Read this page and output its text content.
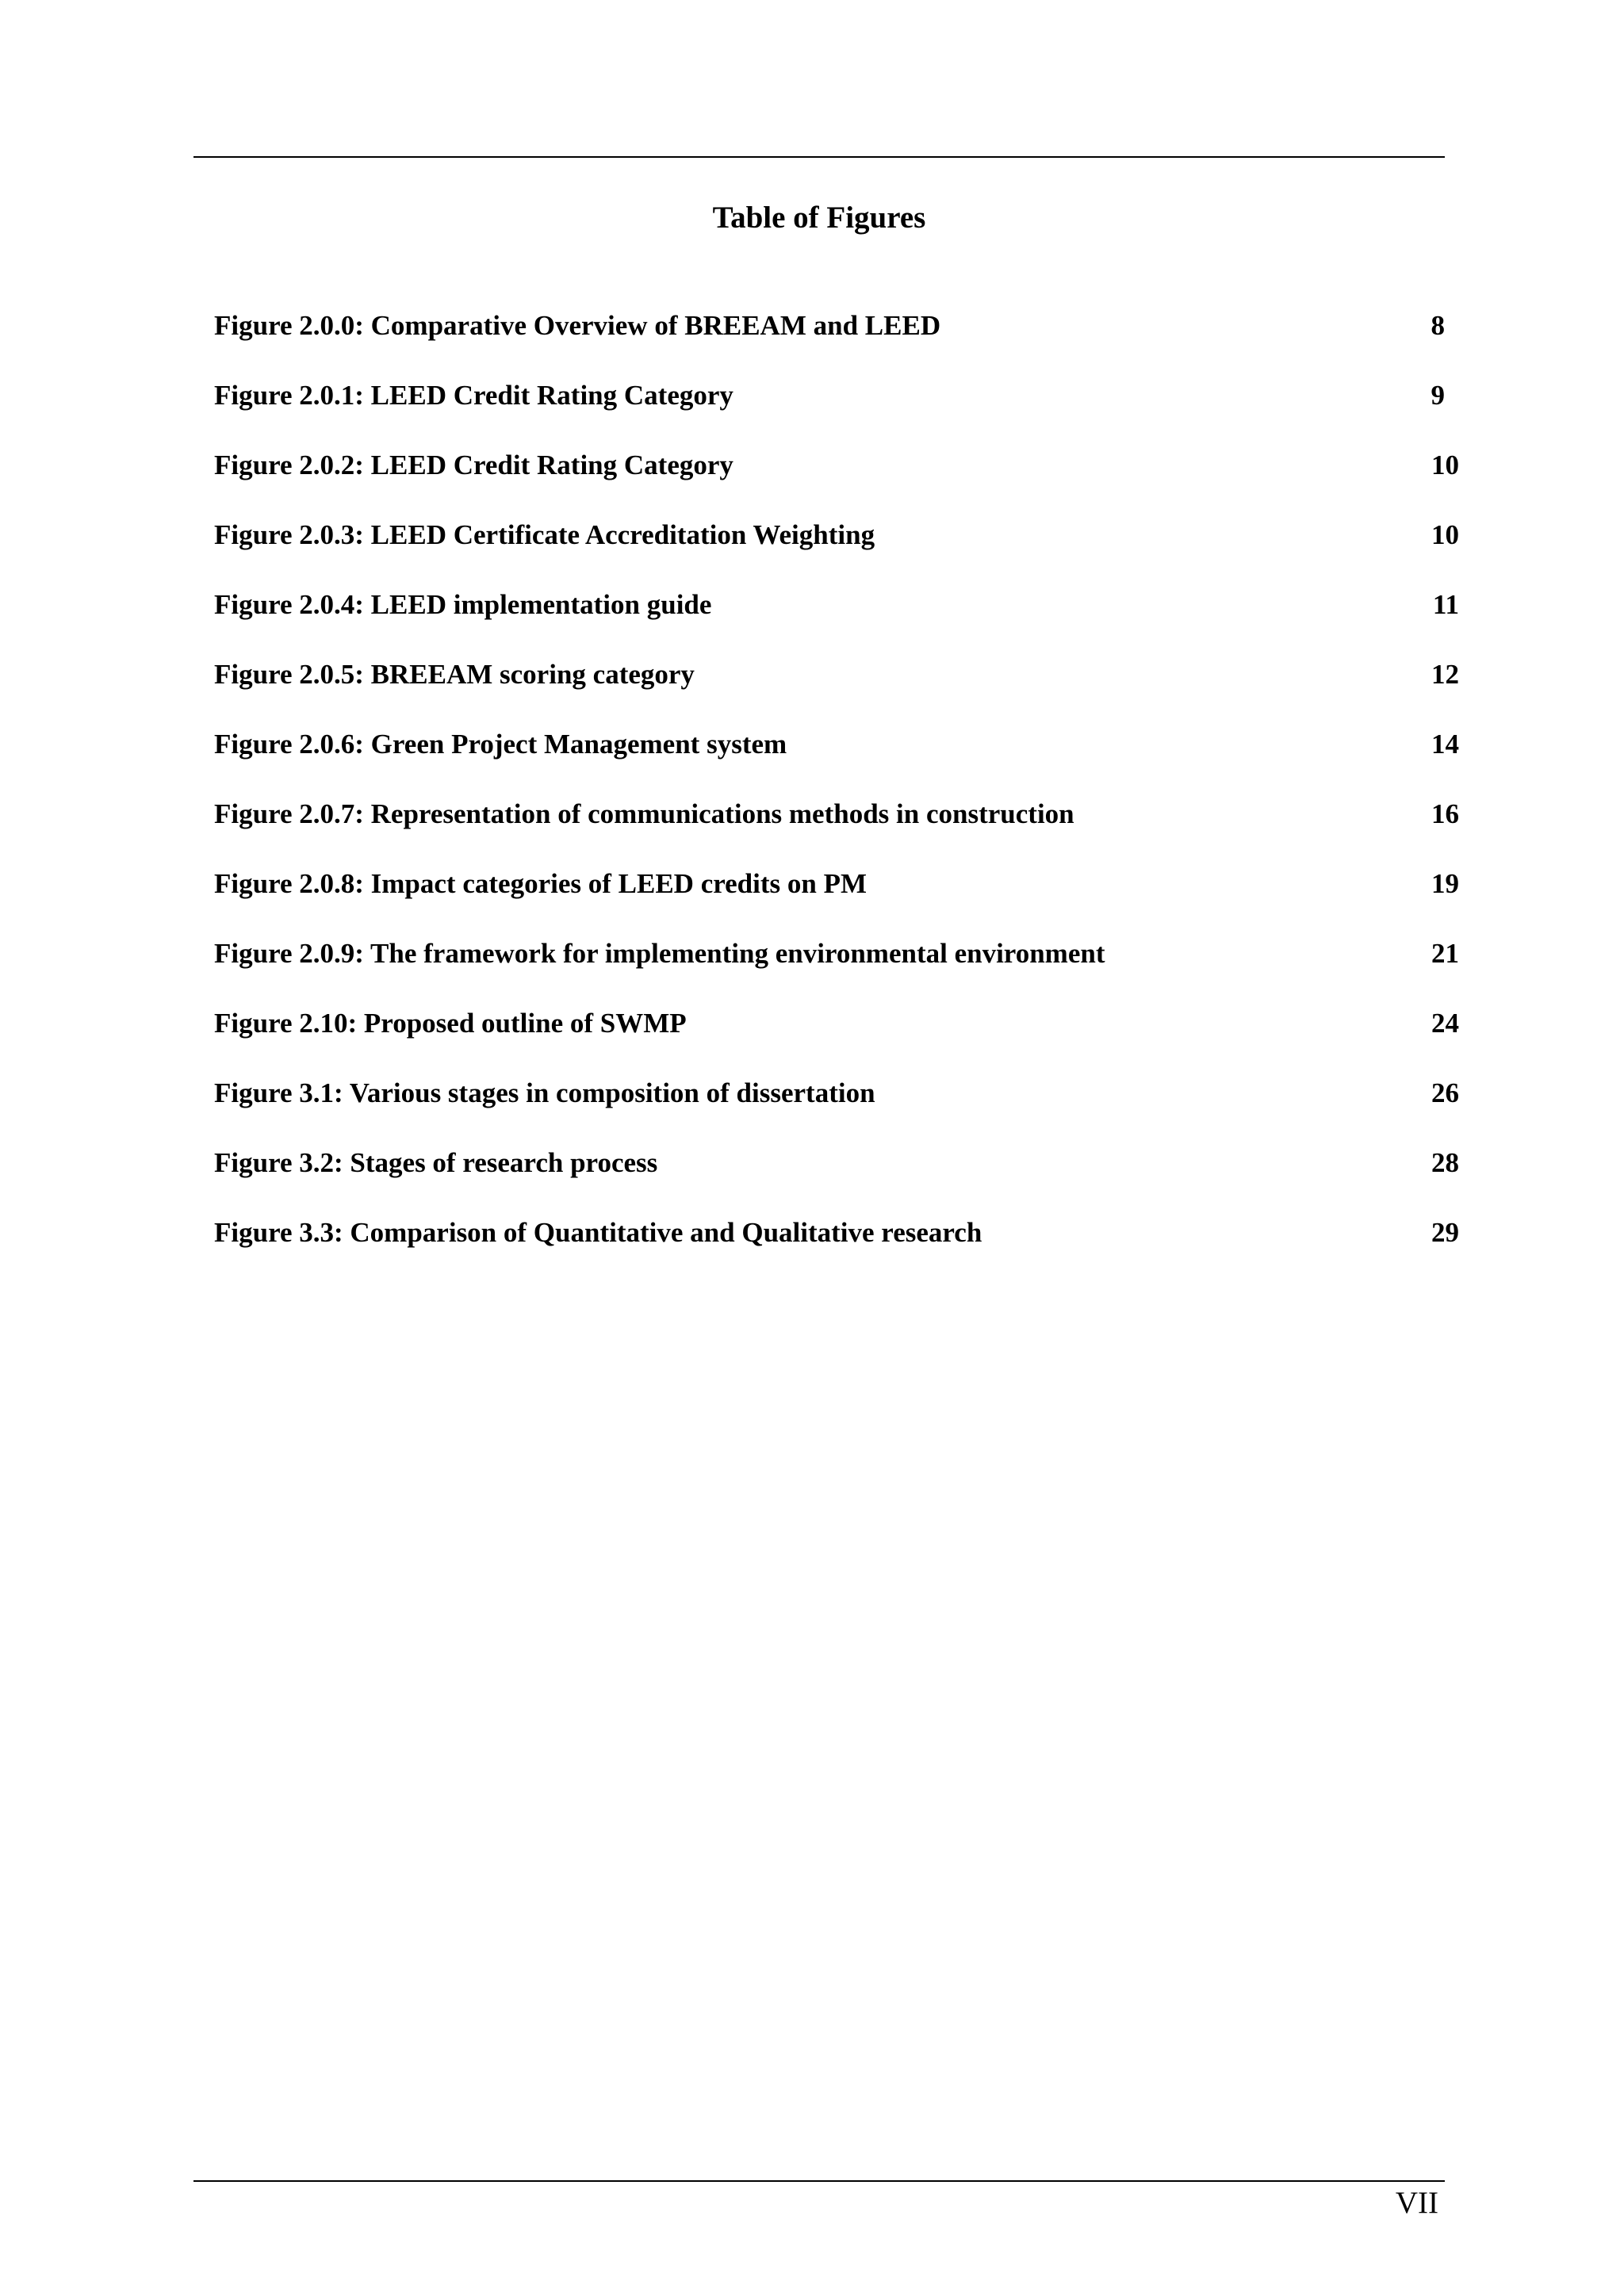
Table of Figures
Figure 2.0.0: Comparative Overview of BREEAM and LEED	8
Figure 2.0.1: LEED Credit Rating Category	9
Figure 2.0.2: LEED Credit Rating Category	10
Figure 2.0.3: LEED Certificate Accreditation Weighting	10
Figure 2.0.4: LEED implementation guide	11
Figure 2.0.5: BREEAM scoring category	12
Figure 2.0.6: Green Project Management system	14
Figure 2.0.7: Representation of communications methods in construction	16
Figure 2.0.8: Impact categories of LEED credits on PM	19
Figure 2.0.9: The framework for implementing environmental environment	21
Figure 2.10: Proposed outline of SWMP	24
Figure 3.1: Various stages in composition of dissertation	26
Figure 3.2: Stages of research process	28
Figure 3.3: Comparison of Quantitative and Qualitative research	29
VII
